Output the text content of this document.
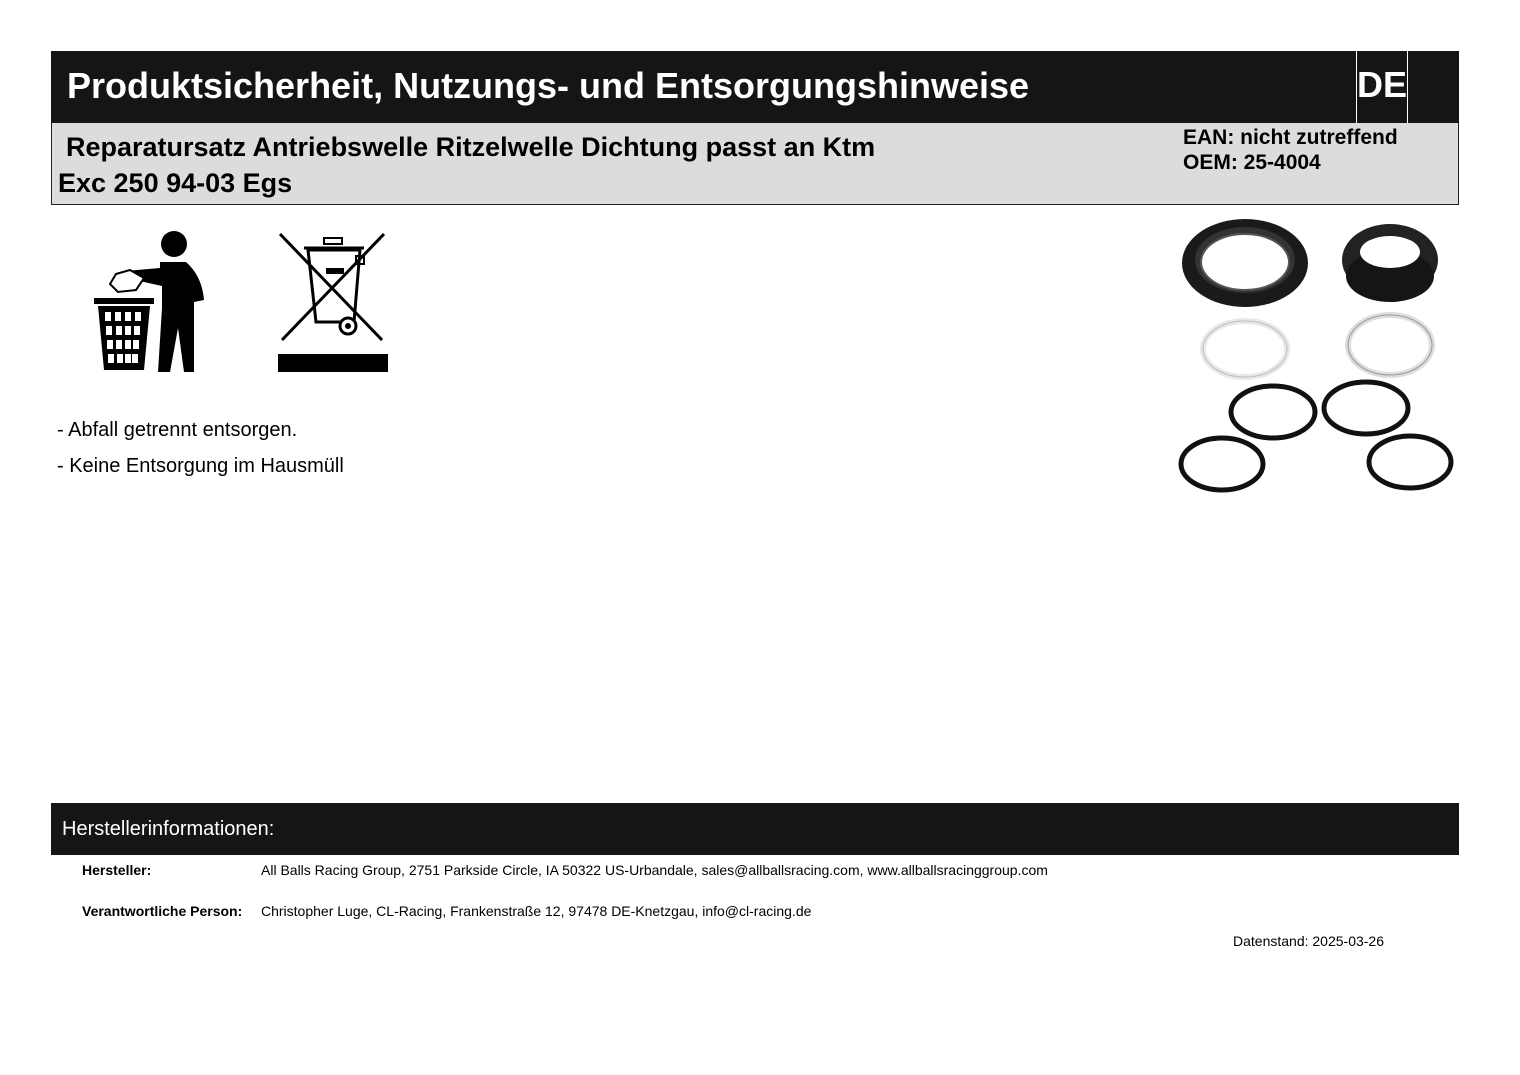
Produktsicherheit, Nutzungs- und Entsorgungshinweise	DE
Reparatursatz Antriebswelle Ritzelwelle Dichtung passt an Ktm
Exc 250 94-03 Egs
EAN: nicht zutreffend
OEM: 25-4004
- Abfall getrennt entsorgen.
- Keine Entsorgung im Hausmüll
Herstellerinformationen:
Hersteller:	All Balls Racing Group, 2751 Parkside Circle, IA 50322 US-Urbandale, sales@allballsracing.com, www.allballsracinggroup.com
Verantwortliche Person: Christopher Luge, CL-Racing, Frankenstraße 12, 97478 DE-Knetzgau, info@cl-racing.de
Datenstand: 2025-03-26
